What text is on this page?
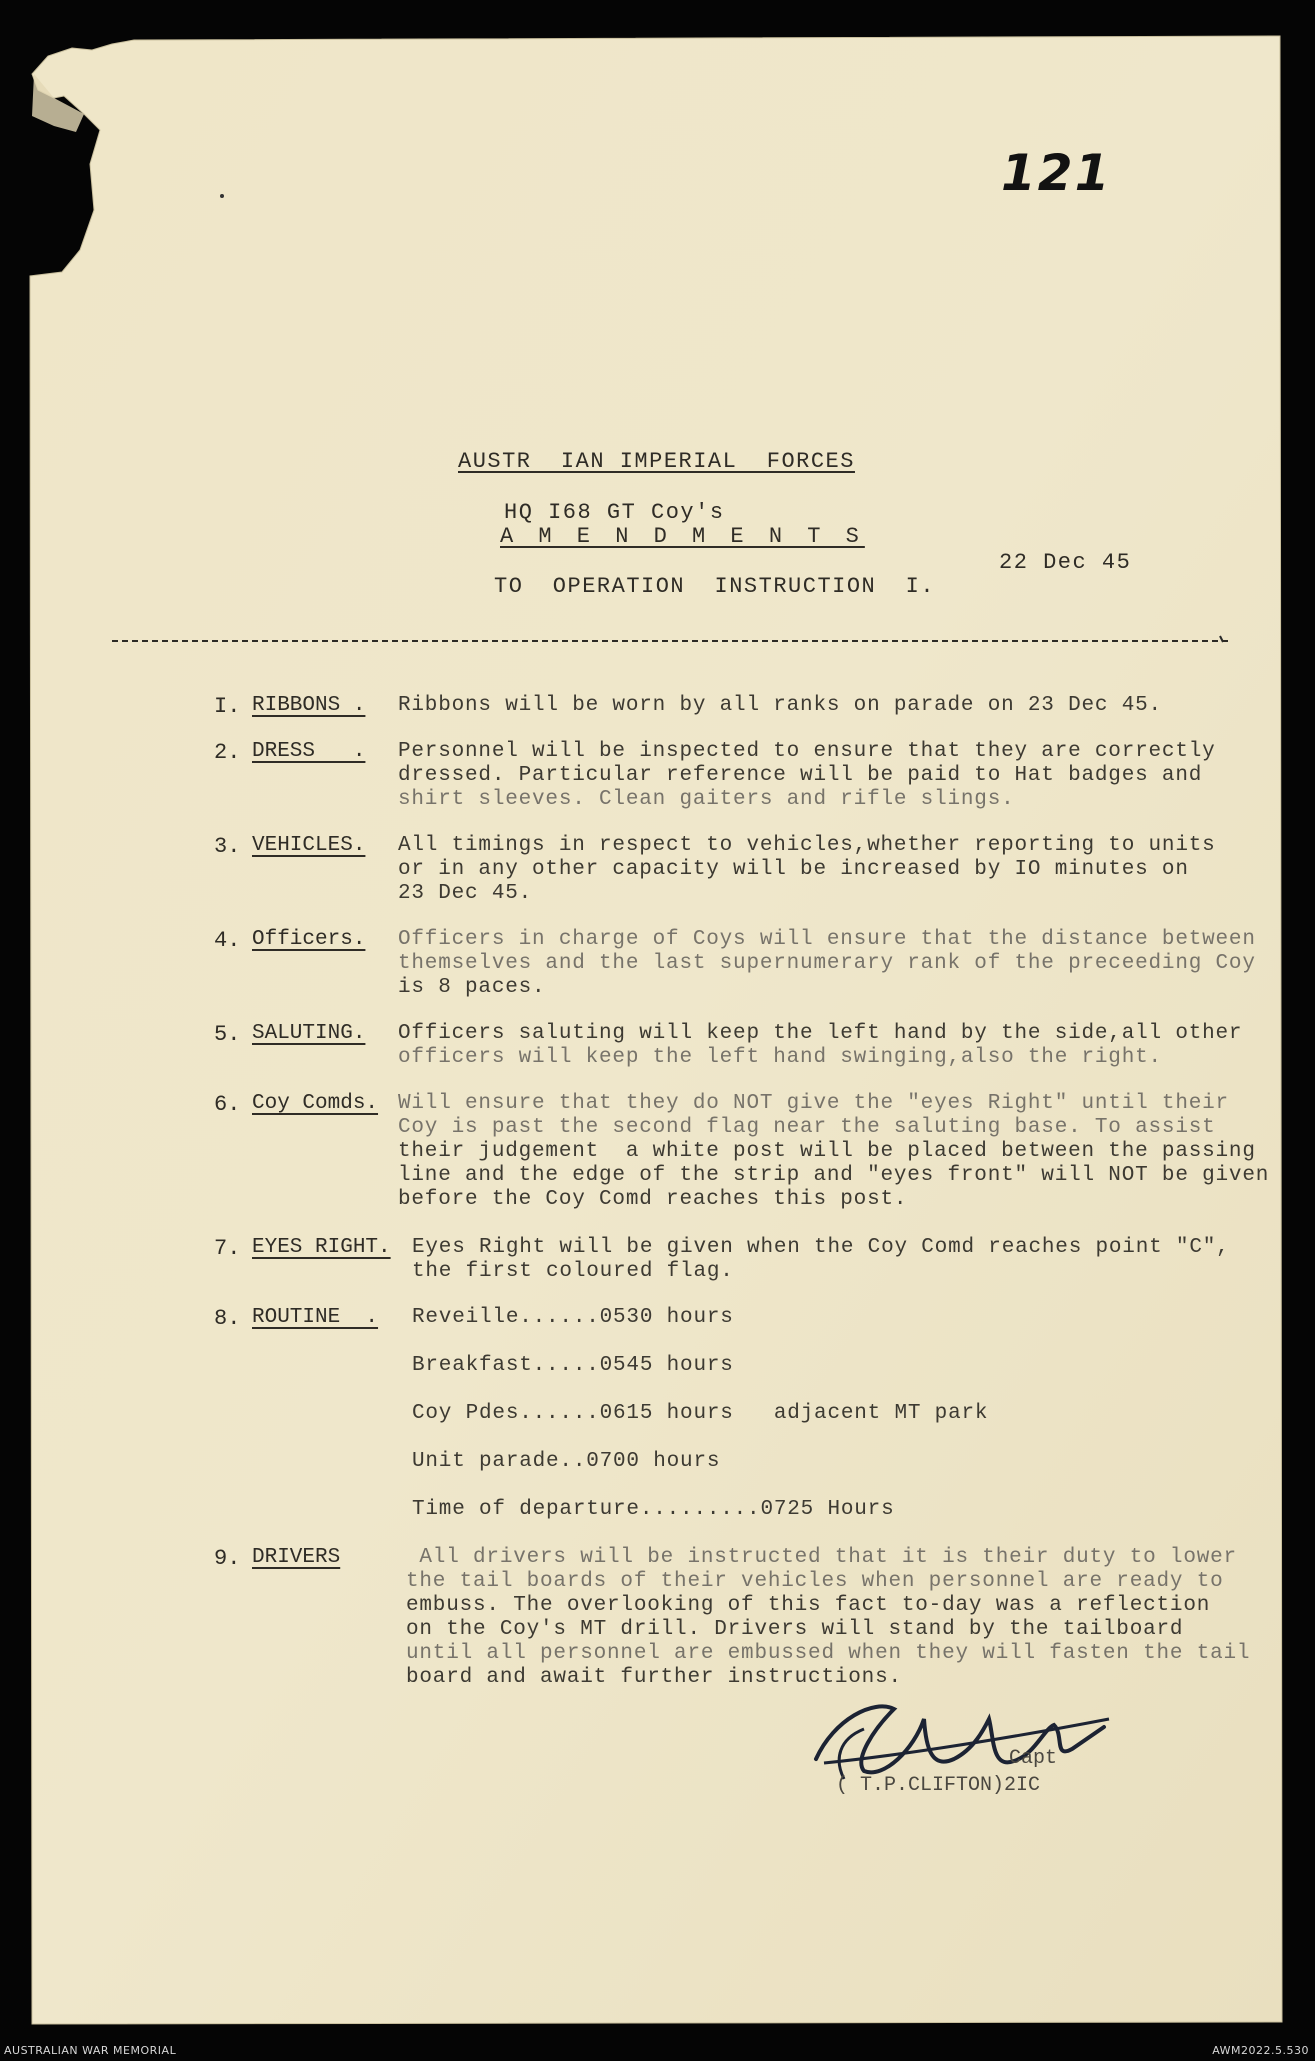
121
AUSTR  IAN IMPERIAL  FORCES
HQ I68 GT Coy's
A M E N D M E N T S
22 Dec 45
TO  OPERATION  INSTRUCTION  I.
I. RIBBONS . Ribbons will be worn by all ranks on parade on 23 Dec 45.
2. DRESS   . Personnel will be inspected to ensure that they are correctly
dressed. Particular reference will be paid to Hat badges and
shirt sleeves. Clean gaiters and rifle slings.
3. VEHICLES. All timings in respect to vehicles,whether reporting to units
or in any other capacity will be increased by IO minutes on
23 Dec 45.
4. Officers. Officers in charge of Coys will ensure that the distance between
themselves and the last supernumerary rank of the preceeding Coy
is 8 paces.
5. SALUTING. Officers saluting will keep the left hand by the side,all other
officers will keep the left hand swinging,also the right.
6. Coy Comds. Will ensure that they do NOT give the "eyes Right" until their
Coy is past the second flag near the saluting base. To assist
their judgement  a white post will be placed between the passing
line and the edge of the strip and "eyes front" will NOT be given
before the Coy Comd reaches this post.
7. EYES RIGHT. Eyes Right will be given when the Coy Comd reaches point "C",
the first coloured flag.
8. ROUTINE  . Reveille......0530 hours
Breakfast.....0545 hours
Coy Pdes......0615 hours   adjacent MT park
Unit parade..0700 hours
Time of departure.........0725 Hours
9. DRIVERS	All drivers will be instructed that it is their duty to lower
the tail boards of their vehicles when personnel are ready to
embuss. The overlooking of this fact to-day was a reflection
on the Coy's MT drill. Drivers will stand by the tailboard
until all personnel are embussed when they will fasten the tail
board and await further instructions.
Capt
( T.P.CLIFTON)2IC
AUSTRALIAN WAR MEMORIAL	AWM2022.5.530
